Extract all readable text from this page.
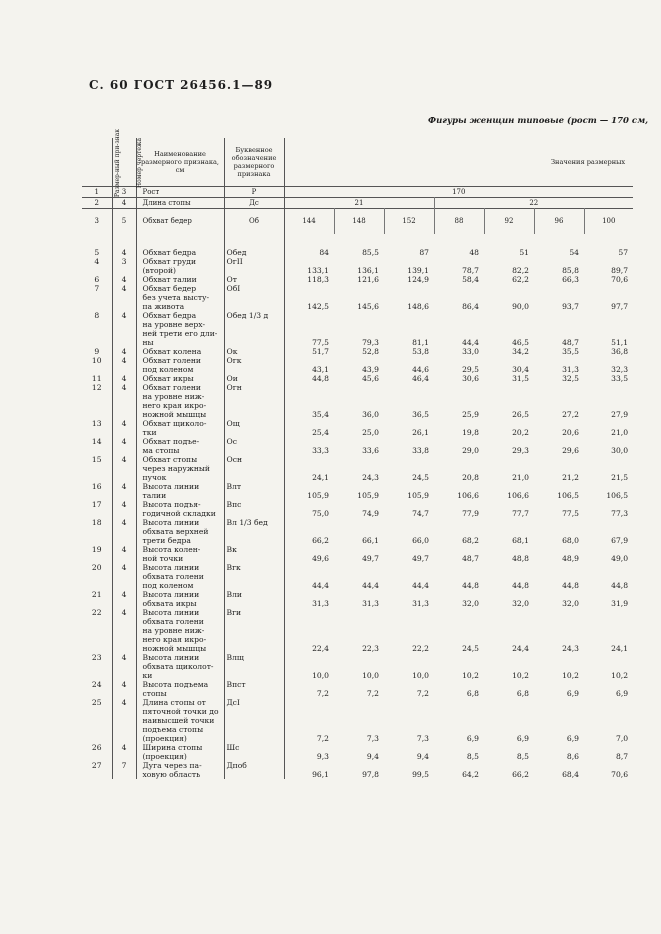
С. 60 ГОСТ 26456.1—89
Фигуры женщин типовые (рост — 170 см,
Размер-ный при-знак	Номер чертежа	Наименование размерного признака, см	Буквенное обозначение размерного признака	Значения размерных						
1	3	Рост	Р	170						
2	4	Длина стопы	Дс	21			22			
3	5	Обхват бедер	Об	144	148	152	88	92	96	100

5	4	Обхват бедра	Обед	84	85,5	87	48	51	54	57
4	3	Обхват груди
(второй)	ОгII	133,1	136,1	139,1	78,7	82,2	85,8	89,7
6	4	Обхват талии	От	118,3	121,6	124,9	58,4	62,2	66,3	70,6
7	4	Обхват бедер
без учета высту-
па живота	ОбI	142,5	145,6	148,6	86,4	90,0	93,7	97,7
8	4	Обхват бедра
на уровне верх-
ней трети его дли-
ны	Обед 1/3 д	77,5	79,3	81,1	44,4	46,5	48,7	51,1
9	4	Обхват колена	Ок	51,7	52,8	53,8	33,0	34,2	35,5	36,8
10	4	Обхват голени
под коленом	Огк	43,1	43,9	44,6	29,5	30,4	31,3	32,3
11	4	Обхват икры	Ои	44,8	45,6	46,4	30,6	31,5	32,5	33,5
12	4	Обхват голени
на уровне ниж-
него края икро-
ножной мышцы	Огн	35,4	36,0	36,5	25,9	26,5	27,2	27,9
13	4	Обхват щиколо-
тки	Ощ	25,4	25,0	26,1	19,8	20,2	20,6	21,0
14	4	Обхват подъе-
ма стопы	Ос	33,3	33,6	33,8	29,0	29,3	29,6	30,0
15	4	Обхват стопы
через наружный
пучок	Осн	24,1	24,3	24,5	20,8	21,0	21,2	21,5
16	4	Высота линии
талии	Влт	105,9	105,9	105,9	106,6	106,6	106,5	106,5
17	4	Высота подъя-
годичной складки	Впс	75,0	74,9	74,7	77,9	77,7	77,5	77,3
18	4	Высота линии
обхвата верхней
трети бедра	Вл 1/3 бед	66,2	66,1	66,0	68,2	68,1	68,0	67,9
19	4	Высота колен-
ной точки	Вк	49,6	49,7	49,7	48,7	48,8	48,9	49,0
20	4	Высота линии
обхвата голени
под коленом	Вгк	44,4	44,4	44,4	44,8	44,8	44,8	44,8
21	4	Высота линии
обхвата икры	Вли	31,3	31,3	31,3	32,0	32,0	32,0	31,9
22	4	Высота линии
обхвата голени
на уровне ниж-
него края икро-
ножной мышцы	Вги	22,4	22,3	22,2	24,5	24,4	24,3	24,1
23	4	Высота линии
обхвата щиколот-
ки	Влщ	10,0	10,0	10,0	10,2	10,2	10,2	10,2
24	4	Высота подъема
стопы	Впст	7,2	7,2	7,2	6,8	6,8	6,9	6,9
25	4	Длина стопы от
пяточной точки до
наивысшей точки
подъема стопы
(проекция)	ДсI	7,2	7,3	7,3	6,9	6,9	6,9	7,0
26	4	Ширина стопы
(проекция)	Шс	9,3	9,4	9,4	8,5	8,5	8,6	8,7
27	7	Дуга через па-
ховую область	Дпоб	96,1	97,8	99,5	64,2	66,2	68,4	70,6
